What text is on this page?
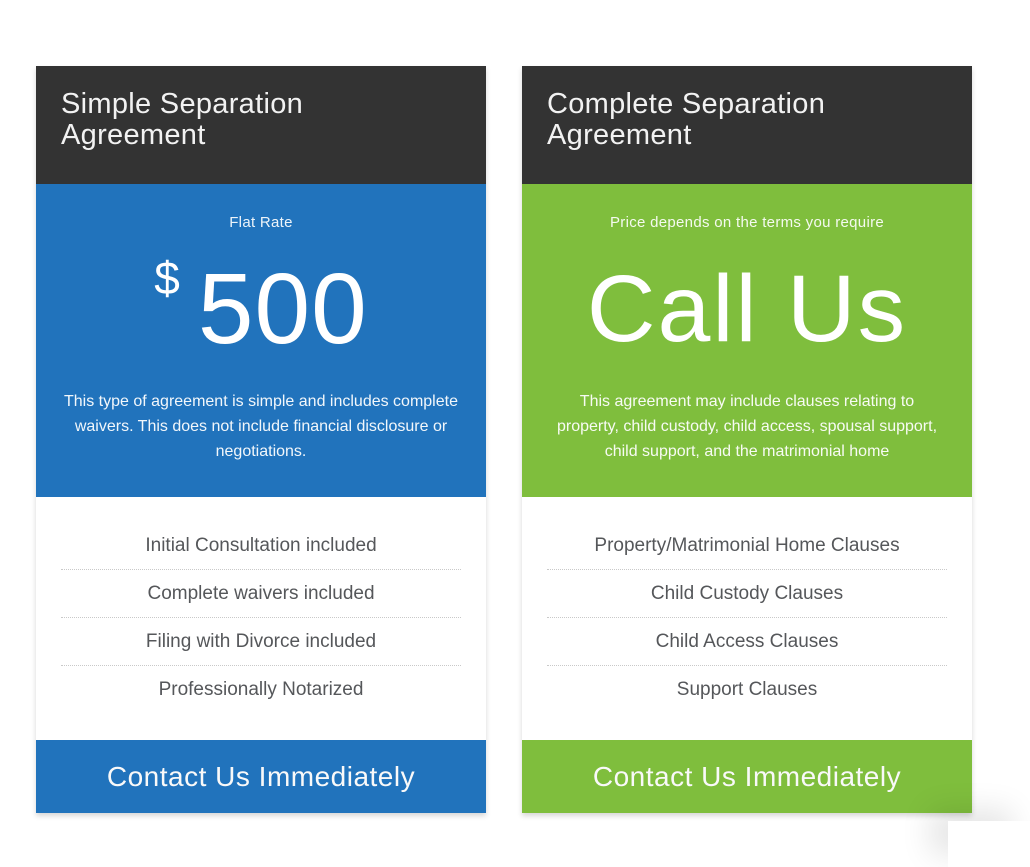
Simple Separation Agreement
Flat Rate
$ 500
This type of agreement is simple and includes complete waivers. This does not include financial disclosure or negotiations.
Initial Consultation included
Complete waivers included
Filing with Divorce included
Professionally Notarized
Contact Us Immediately
Complete Separation Agreement
Price depends on the terms you require
Call Us
This agreement may include clauses relating to property, child custody, child access, spousal support, child support, and the matrimonial home
Property/Matrimonial Home Clauses
Child Custody Clauses
Child Access Clauses
Support Clauses
Contact Us Immediately
